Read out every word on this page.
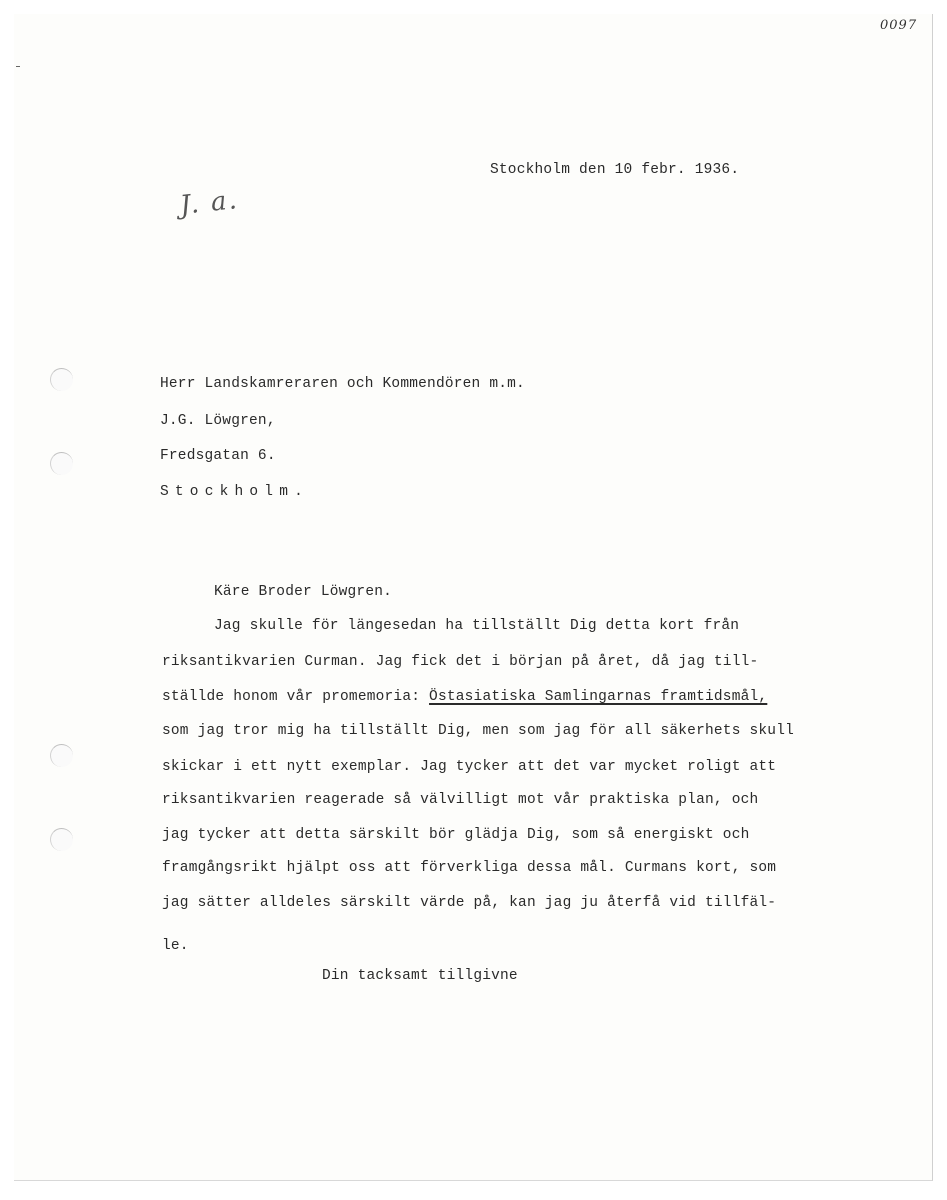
0097
J. a.
Stockholm den 10 febr. 1936.
Herr Landskamreraren och Kommendören m.m.
J.G. Löwgren,
Fredsgatan 6.
Stockholm.
Käre Broder Löwgren.
Jag skulle för längesedan ha tillställt Dig detta kort från
riksantikvarien Curman. Jag fick det i början på året, då jag till-
ställde honom vår promemoria: Östasiatiska Samlingarnas framtidsmål,
som jag tror mig ha tillställt Dig, men som jag för all säkerhets skull
skickar i ett nytt exemplar. Jag tycker att det var mycket roligt att
riksantikvarien reagerade så välvilligt mot vår praktiska plan, och
jag tycker att detta särskilt bör glädja Dig, som så energiskt och
framgångsrikt hjälpt oss att förverkliga dessa mål. Curmans kort, som
jag sätter alldeles särskilt värde på, kan jag ju återfå vid tillfäl-
le.
Din tacksamt tillgivne
